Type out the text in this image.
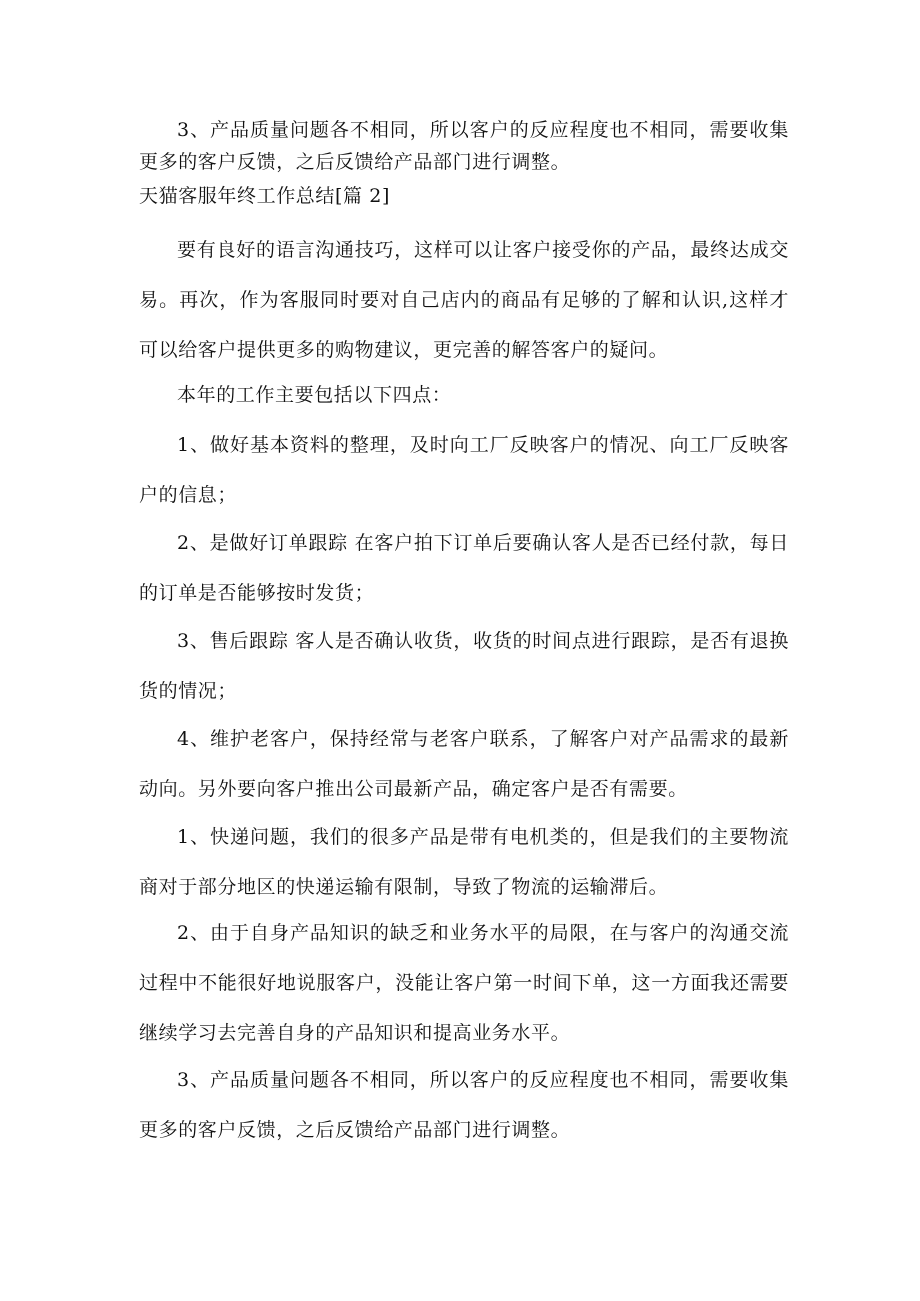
3、产品质量问题各不相同，所以客户的反应程度也不相同，需要收集更多的客户反馈，之后反馈给产品部门进行调整。

天猫客服年终工作总结[篇 2]

要有良好的语言沟通技巧，这样可以让客户接受你的产品，最终达成交易。再次，作为客服同时要对自己店内的商品有足够的了解和认识,这样才可以给客户提供更多的购物建议，更完善的解答客户的疑问。

本年的工作主要包括以下四点：

1、做好基本资料的整理，及时向工厂反映客户的情况、向工厂反映客户的信息；

2、是做好订单跟踪 在客户拍下订单后要确认客人是否已经付款，每日的订单是否能够按时发货；

3、售后跟踪 客人是否确认收货，收货的时间点进行跟踪，是否有退换货的情况；

4、维护老客户，保持经常与老客户联系，了解客户对产品需求的最新动向。另外要向客户推出公司最新产品，确定客户是否有需要。

1、快递问题，我们的很多产品是带有电机类的，但是我们的主要物流商对于部分地区的快递运输有限制，导致了物流的运输滞后。

2、由于自身产品知识的缺乏和业务水平的局限，在与客户的沟通交流过程中不能很好地说服客户，没能让客户第一时间下单，这一方面我还需要继续学习去完善自身的产品知识和提高业务水平。

3、产品质量问题各不相同，所以客户的反应程度也不相同，需要收集更多的客户反馈，之后反馈给产品部门进行调整。
